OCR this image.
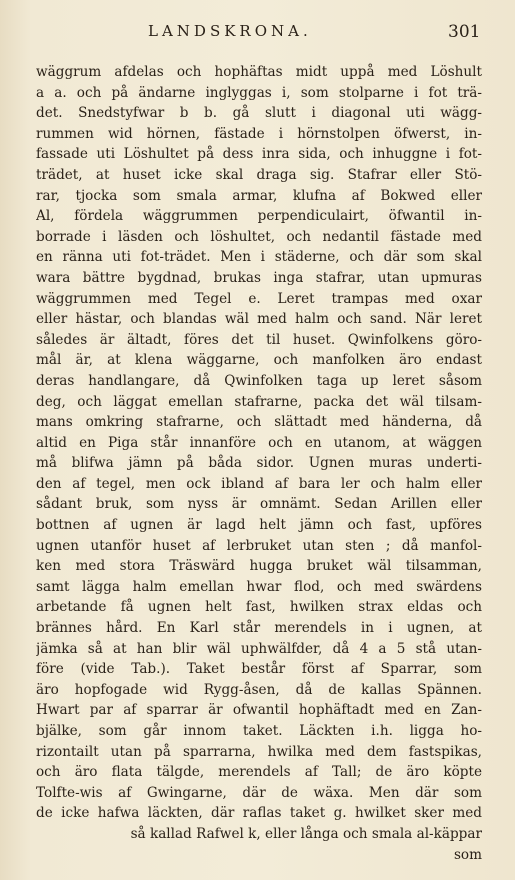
LANDSKRONA.	301
wäggrum afdelas och hophäftas midt uppå med Löshult
a a. och på ändarne inglyggas i, som stolparne i fot trä-
det. Snedstyfwar b b. gå slutt i diagonal uti wägg-
rummen wid hörnen, fästade i hörnstolpen öfwerst, in-
fassade uti Löshultet på dess inra sida, och inhuggne i fot-
trädet, at huset icke skal draga sig. Stafrar eller Stö-
rar, tjocka som smala armar, klufna af Bokwed eller
Al, fördela wäggrummen perpendiculairt, öfwantil in-
borrade i läsden och löshultet, och nedantil fästade med
en ränna uti fot-trädet. Men i städerne, och där som skal
wara bättre bygdnad, brukas inga stafrar, utan upmuras
wäggrummen med Tegel e. Leret trampas med oxar
eller hästar, och blandas wäl med halm och sand. När leret
således är ältadt, föres det til huset. Qwinfolkens göro-
mål är, at klena wäggarne, och manfolken äro endast
deras handlangare, då Qwinfolken taga up leret såsom
deg, och läggat emellan stafrarne, packa det wäl tilsam-
mans omkring stafrarne, och slättadt med händerna, då
altid en Piga står innanföre och en utanom, at wäggen
må blifwa jämn på båda sidor. Ugnen muras underti-
den af tegel, men ock ibland af bara ler och halm eller
sådant bruk, som nyss är omnämt. Sedan Arillen eller
bottnen af ugnen är lagd helt jämn och fast, upföres
ugnen utanför huset af lerbruket utan sten ; då manfol-
ken med stora Träswärd hugga bruket wäl tilsamman,
samt lägga halm emellan hwar flod, och med swärdens
arbetande få ugnen helt fast, hwilken strax eldas och
brännes hård. En Karl står merendels in i ugnen, at
jämka så at han blir wäl uphwälfder, då 4 a 5 stå utan-
före (vide Tab.). Taket består först af Sparrar, som
äro hopfogade wid Rygg-åsen, då de kallas Spännen.
Hwart par af sparrar är ofwantil hophäftadt med en Zan-
bjälke, som går innom taket. Läckten i.h. ligga ho-
rizontailt utan på sparrarna, hwilka med dem fastspikas,
och äro flata tälgde, merendels af Tall; de äro köpte
Tolfte-wis af Gwingarne, där de wäxa. Men där som
de icke hafwa läckten, där raflas taket g. hwilket sker med
så kallad Rafwel k, eller långa och smala al-käppar
som
